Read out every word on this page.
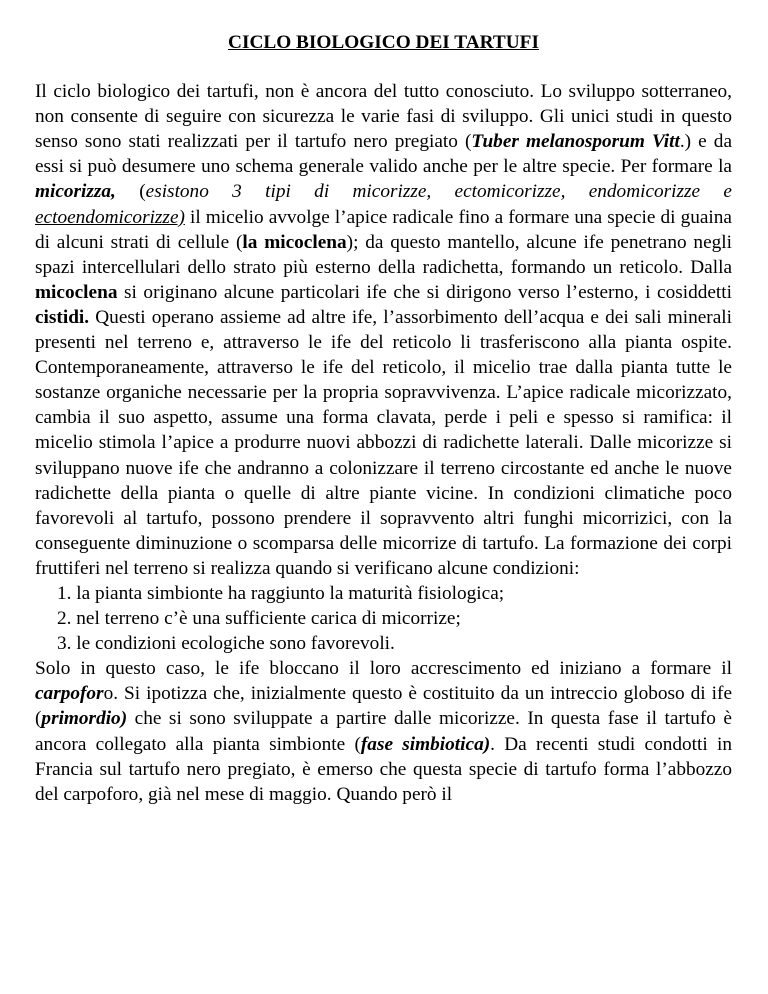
CICLO BIOLOGICO DEI TARTUFI

Il ciclo biologico dei tartufi, non è ancora del tutto conosciuto. Lo sviluppo sotterraneo, non consente di seguire con sicurezza le varie fasi di sviluppo. Gli unici studi in questo senso sono stati realizzati per il tartufo nero pregiato (Tuber melanosporum Vitt.) e da essi si può desumere uno schema generale valido anche per le altre specie. Per formare la micorizza, (esistono 3 tipi di micorizze, ectomicorizze, endomicorizze e ectoendomicorizze) il micelio avvolge l’apice radicale fino a formare una specie di guaina di alcuni strati di cellule (la micoclena); da questo mantello, alcune ife penetrano negli spazi intercellulari dello strato più esterno della radichetta, formando un reticolo. Dalla micoclena si originano alcune particolari ife che si dirigono verso l’esterno, i cosiddetti cistidi. Questi operano assieme ad altre ife, l’assorbimento dell’acqua e dei sali minerali presenti nel terreno e, attraverso le ife del reticolo li trasferiscono alla pianta ospite. Contemporaneamente, attraverso le ife del reticolo, il micelio trae dalla pianta tutte le sostanze organiche necessarie per la propria sopravvivenza. L’apice radicale micorizzato, cambia il suo aspetto, assume una forma clavata, perde i peli e spesso si ramifica: il micelio stimola l’apice a produrre nuovi abbozzi di radichette laterali. Dalle micorizze si sviluppano nuove ife che andranno a colonizzare il terreno circostante ed anche le nuove radichette della pianta o quelle di altre piante vicine. In condizioni climatiche poco favorevoli al tartufo, possono prendere il sopravvento altri funghi micorrizici, con la conseguente diminuzione o scomparsa delle micorrize di tartufo. La formazione dei corpi fruttiferi nel terreno si realizza quando si verificano alcune condizioni:

1. la pianta simbionte ha raggiunto la maturità fisiologica;
2. nel terreno c’è una sufficiente carica di micorrize;
3. le condizioni ecologiche sono favorevoli.

Solo in questo caso, le ife bloccano il loro accrescimento ed iniziano a formare il carpoforo. Si ipotizza che, inizialmente questo è costituito da un intreccio globoso di ife (primordio) che si sono sviluppate a partire dalle micorizze. In questa fase il tartufo è ancora collegato alla pianta simbionte (fase simbiotica). Da recenti studi condotti in Francia sul tartufo nero pregiato, è emerso che questa specie di tartufo forma l’abbozzo del carpoforo, già nel mese di maggio. Quando però il
